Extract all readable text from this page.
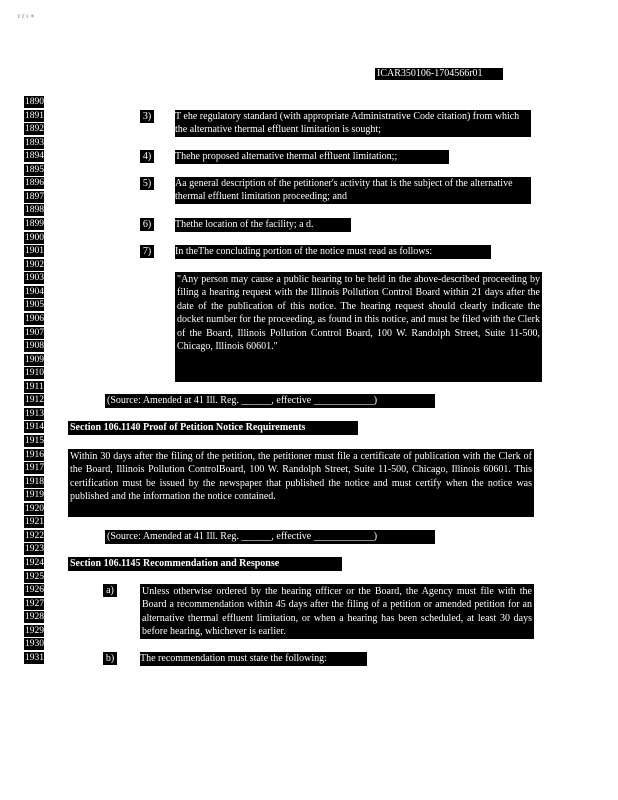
r r ı ∗
ICAR350106-1704566r01
1890
1891
1892
1893
1894
1895
1896
1897
1898
1899
1900
1901
1902
1903
1904
1905
1906
1907
1908
1909
1910
1911
1912
1913
1914
1915
1916
1917
1918
1919
1920
1921
1922
1923
1924
1925
1926
1927
1928
1929
1930
1931
3) T ehe regulatory standard (with appropriate Administrative Code citation) from which the alternative thermal effluent limitation is sought;
4) Thehe proposed alternative thermal effluent limitation;;
5) Aa general description of the petitioner's activity that is the subject of the alternative thermal effluent limitation proceeding; and
6) Thethe location of the facility; a d.
7) In theThe concluding portion of the notice must read as follows:
"Any person may cause a public hearing to be held in the above-described proceeding by filing a hearing request with the Illinois Pollution Control Board within 21 days after the date of the publication of this notice. The hearing request should clearly indicate the docket number for the proceeding, as found in this notice, and must be filed with the Clerk of the Board, Illinois Pollution Control Board, 100 W. Randolph Street, Suite 11-500, Chicago, Illinois 60601."
(Source: Amended at 41 Ill. Reg. ______, effective ____________)
Section 106.1140 Proof of Petition Notice Requirements
Within 30 days after the filing of the petition, the petitioner must file a certificate of publication with the Clerk of the Board, Illinois Pollution ControlBoard, 100 W. Randolph Street, Suite 11-500, Chicago, Illinois 60601. This certification must be issued by the newspaper that published the notice and must certify when the notice was published and the information the notice contained.
(Source: Amended at 41 Ill. Reg. ______, effective ____________)
Section 106.1145 Recommendation and Response
a)	Unless otherwise ordered by the hearing officer or the Board, the Agency must file with the Board a recommendation within 45 days after the filing of a petition or amended petition for an alternative thermal effluent limitation, or when a hearing has been scheduled, at least 30 days before hearing, whichever is earlier.
b)	The recommendation must state the following:
